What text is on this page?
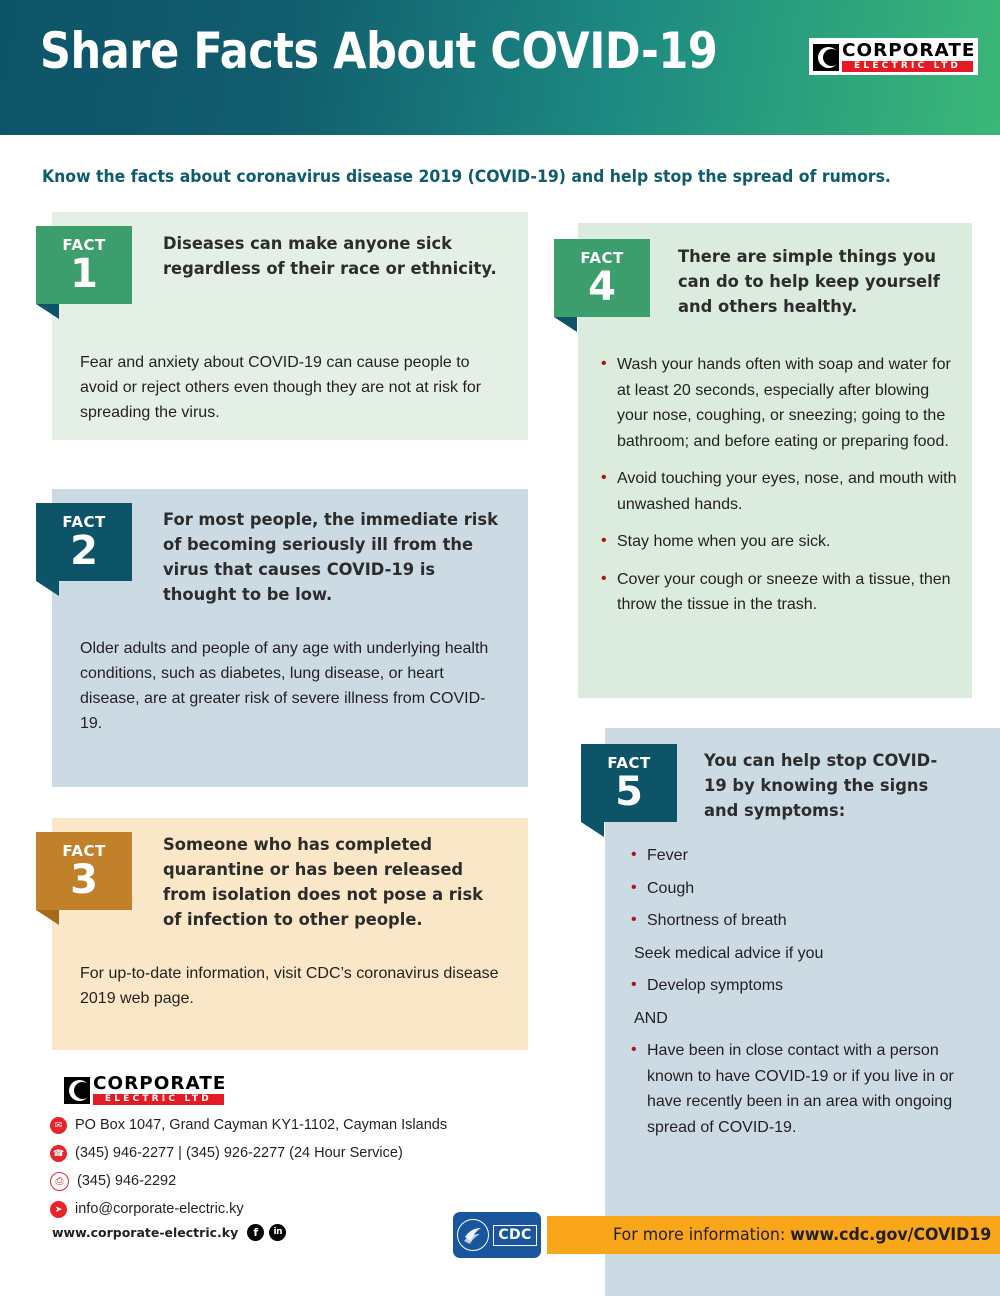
Share Facts About COVID-19	CORPORATE
ELECTRIC LTD
Know the facts about coronavirus disease 2019 (COVID-19) and help stop the spread of rumors.
FACT
1
Diseases can make anyone sick regardless of their race or ethnicity.
Fear and anxiety about COVID-19 can cause people to avoid or reject others even though they are not at risk for spreading the virus.
FACT
2
For most people, the immediate risk of becoming seriously ill from the virus that causes COVID-19 is thought to be low.
Older adults and people of any age with underlying health conditions, such as diabetes, lung disease, or heart disease, are at greater risk of severe illness from COVID-19.
FACT
3
Someone who has completed quarantine or has been released from isolation does not pose a risk of infection to other people.
For up-to-date information, visit CDC’s coronavirus disease 2019 web page.
FACT
4
There are simple things you can do to help keep yourself and others healthy.
• Wash your hands often with soap and water for at least 20 seconds, especially after blowing your nose, coughing, or sneezing; going to the bathroom; and before eating or preparing food.
• Avoid touching your eyes, nose, and mouth with unwashed hands.
• Stay home when you are sick.
• Cover your cough or sneeze with a tissue, then throw the tissue in the trash.
FACT
5
You can help stop COVID-19 by knowing the signs and symptoms:
• Fever
• Cough
• Shortness of breath
Seek medical advice if you
• Develop symptoms
AND
• Have been in close contact with a person known to have COVID-19 or if you live in or have recently been in an area with ongoing spread of COVID-19.
CORPORATE
ELECTRIC LTD
✉ PO Box 1047, Grand Cayman KY1-1102, Cayman Islands
☎ (345) 946-2277 | (345) 926-2277 (24 Hour Service)
⎙ (345) 946-2292
➤ info@corporate-electric.ky
www.corporate-electric.ky	f	in	For more information: www.cdc.gov/COVID19
CDC
